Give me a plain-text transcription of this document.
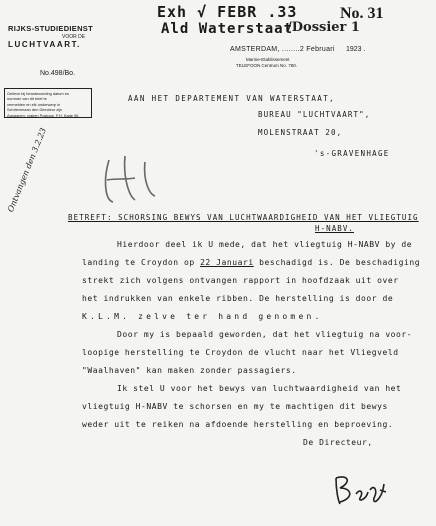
Exh √ FEBR .33
Ald Waterstaat
/Dossier 1
No. 31
RIJKS-STUDIEDIENST
VOOR DE
LUCHTVAART.
No.498/Bo.
AMSTERDAM, ........2 Februari 1923 .
Marine-Etablissement
TELEFOON Centrum No. 780.
Gelieve bij beantwoording datum en
nummer van dit brief te
vermelden en elk onderwerp in
Schrievenaan den Directeur zijn
Aanganen, vraken Postpos. F.H. Kade 96
Ontvangen den 3.2.23
AAN HET DEPARTEMENT VAN WATERSTAAT,
BUREAU "LUCHTVAART",
MOLENSTRAAT 20,
's-GRAVENHAGE
BETREFT: SCHORSING BEWYS VAN LUCHTWAARDIGHEID VAN HET VLIEGTUIG
H-NABV.
Hierdoor deel ik U mede, dat het vliegtuig H-NABV by de
landing te Croydon op 22 Januari beschadigd is. De beschadiging
strekt zich volgens ontvangen rapport in hoofdzaak uit over
het indrukken van enkele ribben. De herstelling is door de
K.L.M. zelve ter hand genomen.
Door my is bepaald geworden, dat het vliegtuig na voor-
loopige herstelling te Croydon de vlucht naar het Vliegveld
"Waalhaven" kan maken zonder passagiers.
Ik stel U voor het bewys van luchtwaardigheid van het
vliegtuig H-NABV te schorsen en my te machtigen dit bewys
weder uit te reiken na afdoende herstelling en beproeving.
De Directeur,
